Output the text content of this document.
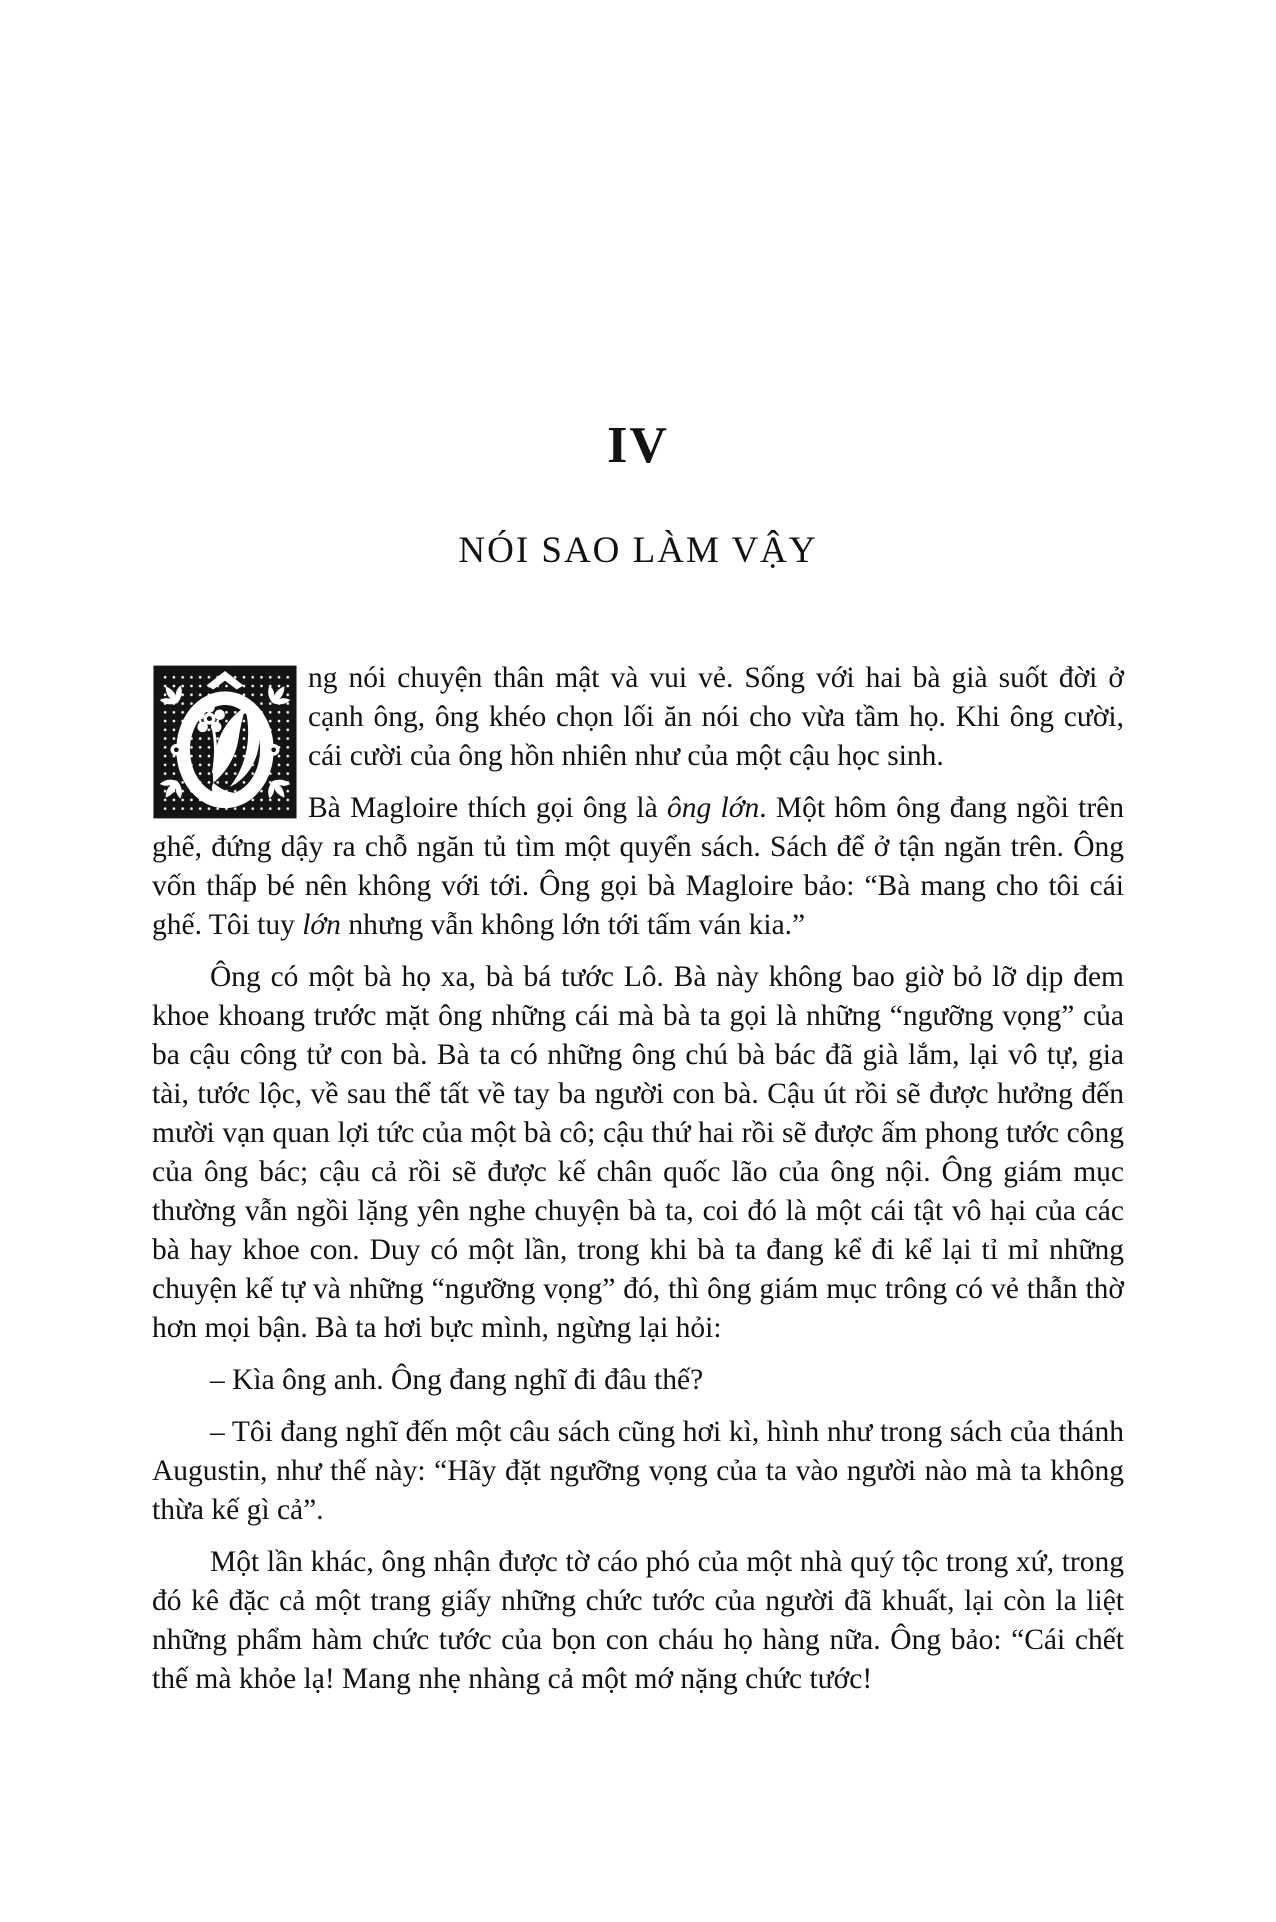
IV
NÓI SAO LÀM VẬY

ng nói chuyện thân mật và vui vẻ. Sống với hai bà già suốt đời ở cạnh ông, ông khéo chọn lối ăn nói cho vừa tầm họ. Khi ông cười, cái cười của ông hồn nhiên như của một cậu học sinh.

Bà Magloire thích gọi ông là ông lớn. Một hôm ông đang ngồi trên ghế, đứng dậy ra chỗ ngăn tủ tìm một quyển sách. Sách để ở tận ngăn trên. Ông vốn thấp bé nên không với tới. Ông gọi bà Magloire bảo: “Bà mang cho tôi cái ghế. Tôi tuy lớn nhưng vẫn không lớn tới tấm ván kia.”

Ông có một bà họ xa, bà bá tước Lô. Bà này không bao giờ bỏ lỡ dịp đem khoe khoang trước mặt ông những cái mà bà ta gọi là những “ngưỡng vọng” của ba cậu công tử con bà. Bà ta có những ông chú bà bác đã già lắm, lại vô tự, gia tài, tước lộc, về sau thể tất về tay ba người con bà. Cậu út rồi sẽ được hưởng đến mười vạn quan lợi tức của một bà cô; cậu thứ hai rồi sẽ được ấm phong tước công của ông bác; cậu cả rồi sẽ được kế chân quốc lão của ông nội. Ông giám mục thường vẫn ngồi lặng yên nghe chuyện bà ta, coi đó là một cái tật vô hại của các bà hay khoe con. Duy có một lần, trong khi bà ta đang kể đi kể lại tỉ mỉ những chuyện kế tự và những “ngưỡng vọng” đó, thì ông giám mục trông có vẻ thẫn thờ hơn mọi bận. Bà ta hơi bực mình, ngừng lại hỏi:

– Kìa ông anh. Ông đang nghĩ đi đâu thế?

– Tôi đang nghĩ đến một câu sách cũng hơi kì, hình như trong sách của thánh Augustin, như thế này: “Hãy đặt ngưỡng vọng của ta vào người nào mà ta không thừa kế gì cả”.

Một lần khác, ông nhận được tờ cáo phó của một nhà quý tộc trong xứ, trong đó kê đặc cả một trang giấy những chức tước của người đã khuất, lại còn la liệt những phẩm hàm chức tước của bọn con cháu họ hàng nữa. Ông bảo: “Cái chết thế mà khỏe lạ! Mang nhẹ nhàng cả một mớ nặng chức tước!
